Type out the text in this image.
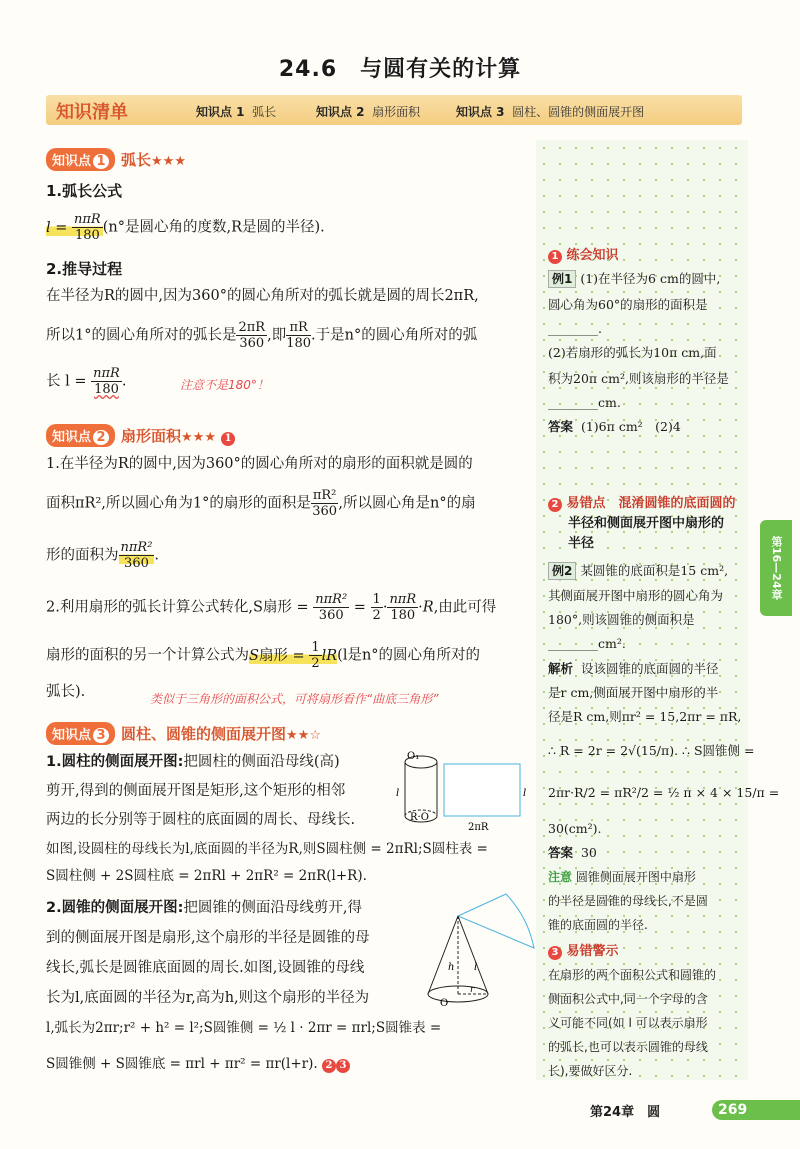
24.6　与圆有关的计算
知识清单	知识点 1 弧长	知识点 2 扇形面积	知识点 3 圆柱、圆锥的侧面展开图
知识点 1 弧长★★★
1.弧长公式
$l = \frac{\text{nπR}}{180} (n^\circ$是圆心角的度数,R是圆的半径).
2.推导过程
在半径为R的圆中,因为360°的圆心角所对的弧长就是圆的周长2πR,
所以1°的圆心角所对的弧长是 $\frac{2\pi R}{360}$ ,即 $\frac{\pi R}{180}$ .于是n°的圆心角所对的弧
长 $l = \frac{\text{nπR}}{180}$ .	注意不是180°！
知识点 2 扇形面积★★★ 1
1.在半径为R的圆中,因为360°的圆心角所对的扇形的面积就是圆的
面积πR²,所以圆心角为1°的扇形的面积是 $\frac{\text{πR²}}{360}$ ,所以圆心角是n°的扇
形的面积为 $\frac{\text{nπR²}}{360}$ .
2.利用扇形的弧长计算公式转化,S扇形 = $\frac{\text{nπR²}}{360} = \frac{1}{2} \cdot \frac{\text{nπR}}{180} \cdot R$,由此可得
扇形的面积的另一个计算公式为S扇形 = $\frac{1}{2} lR(l$是n°的圆心角所对的
弧长).	类似于三角形的面积公式，可将扇形看作“曲底三角形”
知识点 3 圆柱、圆锥的侧面展开图★★☆
1.圆柱的侧面展开图:把圆柱的侧面沿母线(高)
剪开,得到的侧面展开图是矩形,这个矩形的相邻
两边的长分别等于圆柱的底面圆的周长、母线长.
如图,设圆柱的母线长为l,底面圆的半径为R,则S圆柱侧 = 2πRl;S圆柱表 =
S圆柱侧 + 2S圆柱底 = 2πRl + 2πR² = 2πR(l+R).
O₁
l
R·O
l
2πR
2.圆锥的侧面展开图:把圆锥的侧面沿母线剪开,得
到的侧面展开图是扇形,这个扇形的半径是圆锥的母
线长,弧长是圆锥底面圆的周长.如图,设圆锥的母线
长为l,底面圆的半径为r,高为h,则这个扇形的半径为
l,弧长为2πr;r² + h² = l²;S圆锥侧 = ½ l · 2πr = πrl;S圆锥表 =
S圆锥侧 + S圆锥底 = πrl + πr² = πr(l+r). 2 3
h l
O
r
1 练会知识
例1 (1)在半径为6 cm的圆中,
圆心角为60°的扇形的面积是
________.
(2)若扇形的弧长为10π cm,面
积为20π cm²,则该扇形的半径是
________cm.
答案 (1)6π cm²　(2)4
2 易错点　混淆圆锥的底面圆的
半径和侧面展开图中扇形的
半径
例2 某圆锥的底面积是15 cm²,
其侧面展开图中扇形的圆心角为
180°,则该圆锥的侧面积是
________cm².
解析 设该圆锥的底面圆的半径
是r cm,侧面展开图中扇形的半
径是R cm,则πr² = 15,2πr = πR,
∴ R = 2r = 2√(15/π). ∴ S圆锥侧 =
2πr·R/2 = πR²/2 = ½ π × 4 × 15/π =
30(cm²).
答案 30
注意 圆锥侧面展开图中扇形
的半径是圆锥的母线长,不是圆
锥的底面圆的半径.
3 易错警示
在扇形的两个面积公式和圆锥的
侧面积公式中,同一个字母的含
义可能不同(如 l 可以表示扇形
的弧长,也可以表示圆锥的母线
长),要做好区分.
第16—24章
第24章　圆	269
